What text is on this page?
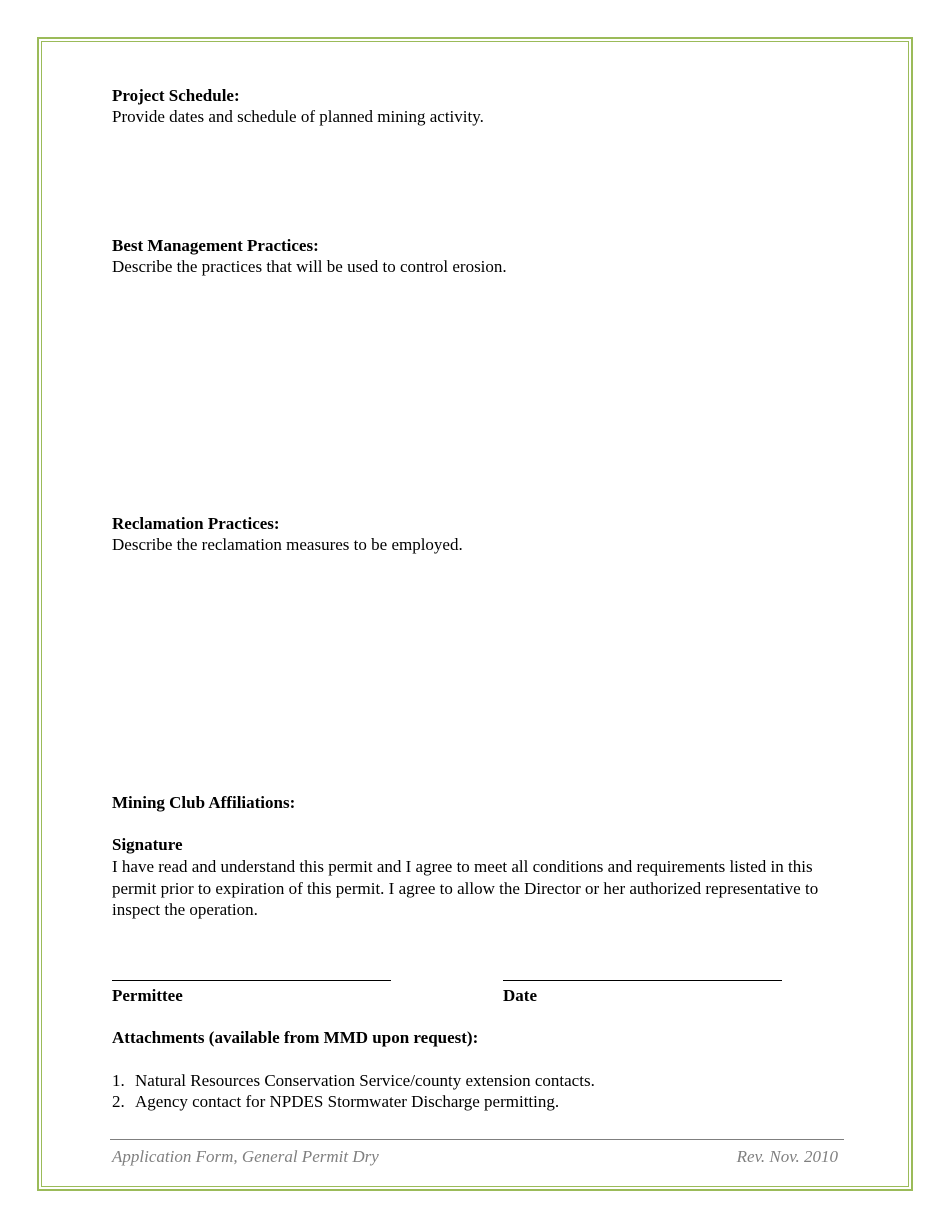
Project Schedule:
Provide dates and schedule of planned mining activity.
Best Management Practices:
Describe the practices that will be used to control erosion.
Reclamation Practices:
Describe the reclamation measures to be employed.
Mining Club Affiliations:
Signature
I have read and understand this permit and I agree to meet all conditions and requirements listed in this permit prior to expiration of this permit. I agree to allow the Director or her authorized representative to inspect the operation.
Permittee	Date
Attachments (available from MMD upon request):
1. Natural Resources Conservation Service/county extension contacts.
2. Agency contact for NPDES Stormwater Discharge permitting.
Application Form, General Permit Dry	Rev. Nov. 2010
